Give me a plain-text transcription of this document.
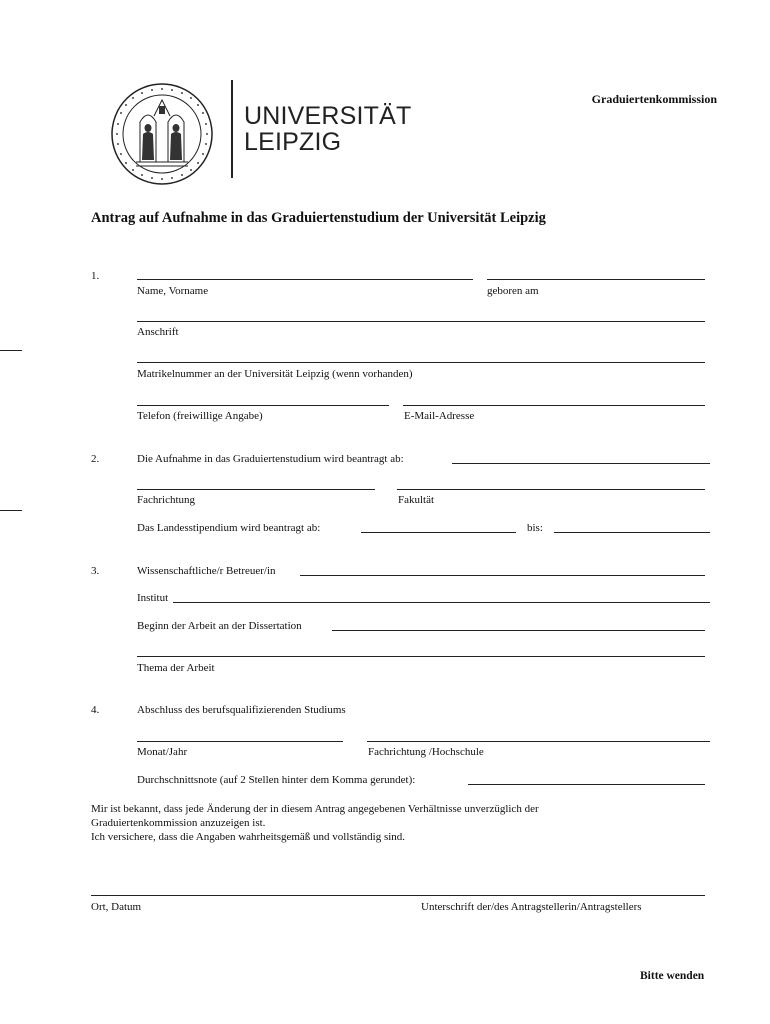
UNIVERSITÄT
LEIPZIG
Graduiertenkommission
Antrag auf Aufnahme in das Graduiertenstudium der Universität Leipzig
1.
Name, Vorname	geboren am
Anschrift
Matrikelnummer an der Universität Leipzig (wenn vorhanden)
Telefon (freiwillige Angabe)	E-Mail-Adresse
2.	Die Aufnahme in das Graduiertenstudium wird beantragt ab:
Fachrichtung	Fakultät
Das Landesstipendium wird beantragt ab:	bis:
3.	Wissenschaftliche/r Betreuer/in
Institut
Beginn der Arbeit an der Dissertation
Thema der Arbeit
4.	Abschluss des berufsqualifizierenden Studiums
Monat/Jahr	Fachrichtung /Hochschule
Durchschnittsnote (auf 2 Stellen hinter dem Komma gerundet):
Mir ist bekannt, dass jede Änderung der in diesem Antrag angegebenen Verhältnisse unverzüglich der
Graduiertenkommission anzuzeigen ist.
Ich versichere, dass die Angaben wahrheitsgemäß und vollständig sind.
Ort, Datum	Unterschrift der/des Antragstellerin/Antragstellers
Bitte wenden
